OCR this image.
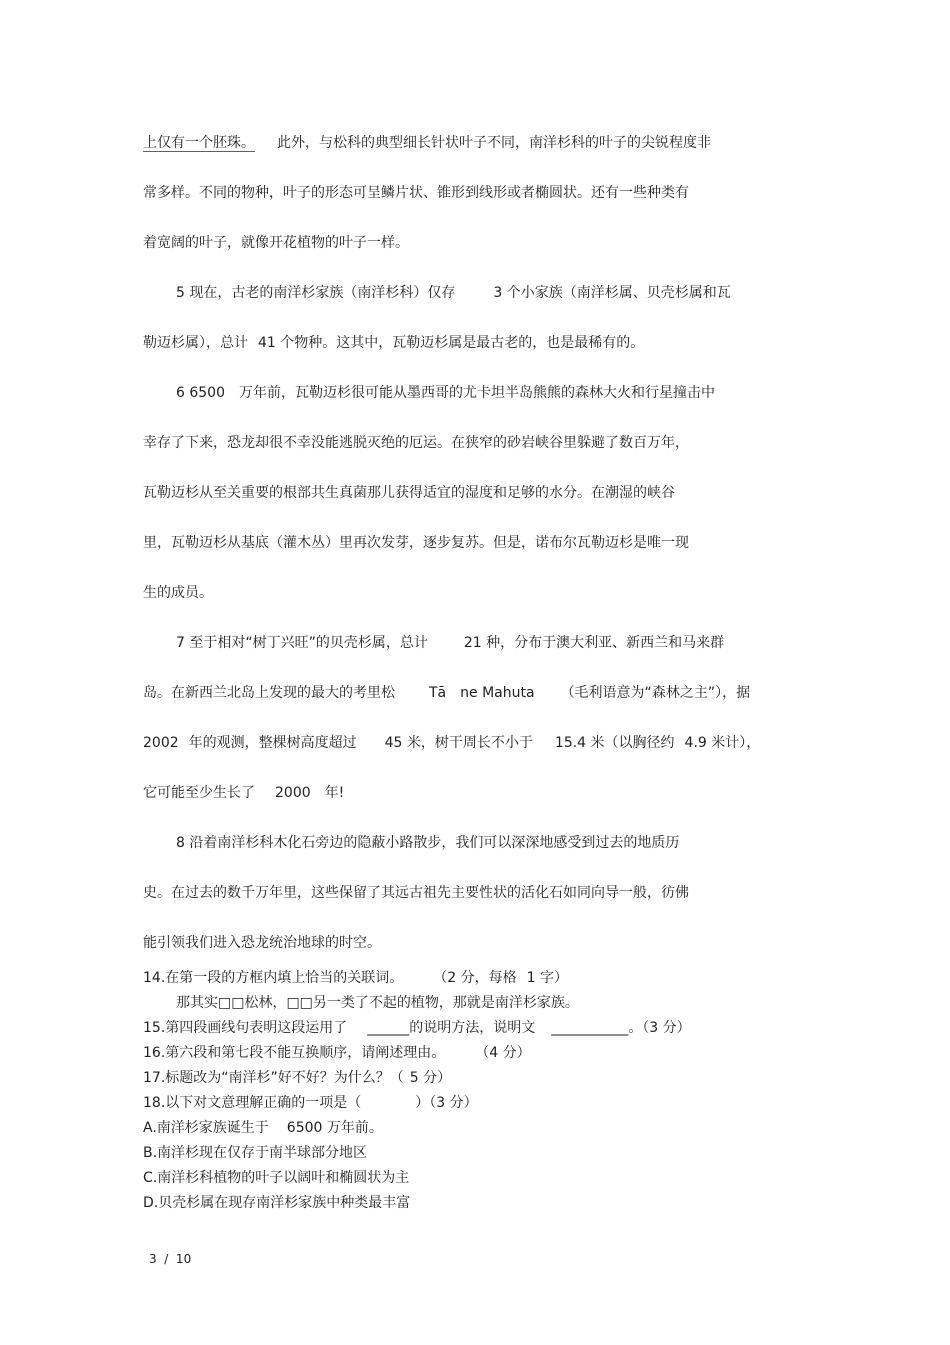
上仅有一个胚珠。 此外，与松科的典型细长针状叶子不同，南洋杉科的叶子的尖锐程度非
常多样。不同的物种，叶子的形态可呈鳞片状、锥形到线形或者椭圆状。还有一些种类有
着宽阔的叶子，就像开花植物的叶子一样。
5 现在，古老的南洋杉家族（南洋杉科）仅存	3 个小家族（南洋杉属、贝壳杉属和瓦
勒迈杉属），总计 41 个物种。这其中，瓦勒迈杉属是最古老的，也是最稀有的。
6 6500 万年前，瓦勒迈杉很可能从墨西哥的尤卡坦半岛熊熊的森林大火和行星撞击中
幸存了下来，恐龙却很不幸没能逃脱灭绝的厄运。在狭窄的砂岩峡谷里躲避了数百万年，
瓦勒迈杉从至关重要的根部共生真菌那儿获得适宜的湿度和足够的水分。在潮湿的峡谷
里，瓦勒迈杉从基底（灌木丛）里再次发芽，逐步复苏。但是，诺布尔瓦勒迈杉是唯一现
生的成员。
7 至于相对“树丁兴旺”的贝壳杉属，总计	21 种，分布于澳大利亚、新西兰和马来群
岛。在新西兰北岛上发现的最大的考里松 Tā ne Mahuta （毛利语意为“森林之主”），据
2002 年的观测，整棵树高度超过 45 米，树干周长不小于 15.4 米（以胸径约 4.9 米计），
它可能至少生长了 2000 年!
8 沿着南洋杉科木化石旁边的隐蔽小路散步，我们可以深深地感受到过去的地质历
史。在过去的数千万年里，这些保留了其远古祖先主要性状的活化石如同向导一般，彷佛
能引领我们进入恐龙统治地球的时空。
14.在第一段的方框内填上恰当的关联词。 （2 分，每格 1 字）
那其实□□松林，□□另一类了不起的植物，那就是南洋杉家族。
15.第四段画线句表明这段运用了 ______的说明方法，说明文 ___________。（3 分）
16.第六段和第七段不能互换顺序，请阐述理由。 （4 分）
17.标题改为“南洋杉”好不好？为什么？（ 5 分）
18.以下对文意理解正确的一项是（	）（3 分）
A.南洋杉家族诞生于 6500 万年前。
B.南洋杉现在仅存于南半球部分地区
C.南洋杉科植物的叶子以阔叶和椭圆状为主
D.贝壳杉属在现存南洋杉家族中种类最丰富
3  /  10
